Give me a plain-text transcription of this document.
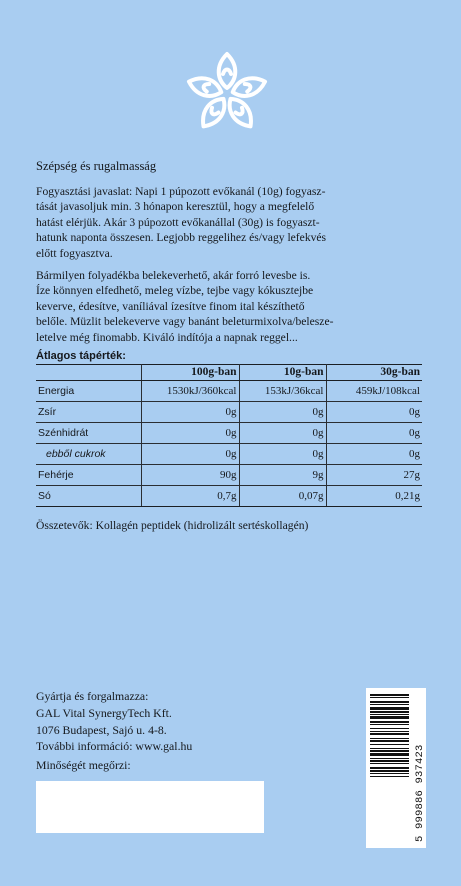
Szépség és rugalmasság
Fogyasztási javaslat: Napi 1 púpozott evőkanál (10g) fogyasz-
tását javasoljuk min. 3 hónapon keresztül, hogy a megfelelő
hatást elérjük. Akár 3 púpozott evőkanállal (30g) is fogyaszt-
hatunk naponta összesen. Legjobb reggelihez és/vagy lefekvés
előtt fogyasztva.
Bármilyen folyadékba belekeverhető, akár forró levesbe is.
Íze könnyen elfedhető, meleg vízbe, tejbe vagy kókusztejbe
keverve, édesítve, vaníliával ízesítve finom ital készíthető
belőle. Müzlit belekeverve vagy banánt beleturmixolva/belesze-
letelve még finomabb. Kiváló indítója a napnak reggel...
Átlagos tápérték:
	100g-ban	10g-ban	30g-ban
Energia	1530kJ/360kcal	153kJ/36kcal	459kJ/108kcal
Zsír	0g	0g	0g
Szénhidrát	0g	0g	0g
ebből cukrok	0g	0g	0g
Fehérje	90g	9g	27g
Só	0,7g	0,07g	0,21g
Összetevők: Kollagén peptidek (hidrolizált sertéskollagén)
Gyártja és forgalmazza:
GAL Vital SynergyTech Kft.
1076 Budapest, Sajó u. 4-8.
További információ: www.gal.hu
Minőségét megőrzi:	5 999886 937423
